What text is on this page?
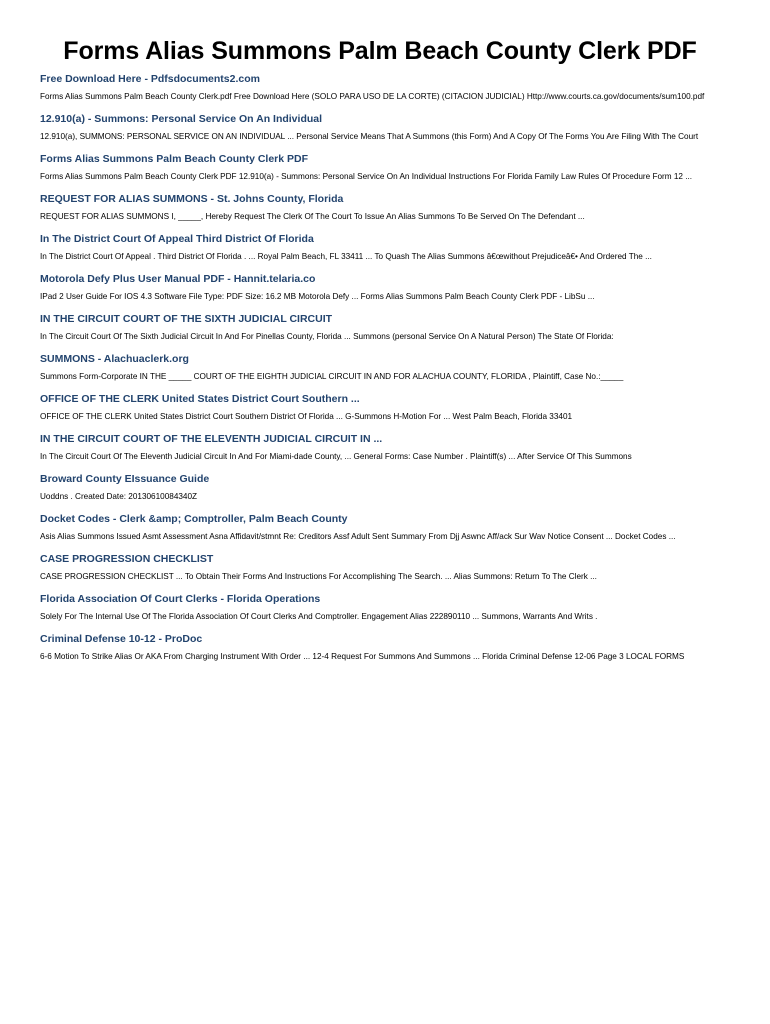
Forms Alias Summons Palm Beach County Clerk PDF
Free Download Here - Pdfsdocuments2.com

Forms Alias Summons Palm Beach County Clerk.pdf Free Download Here (SOLO PARA USO DE LA CORTE) (CITACION JUDICIAL) Http://www.courts.ca.gov/documents/sum100.pdf

12.910(a) - Summons: Personal Service On An Individual

12.910(a), SUMMONS: PERSONAL SERVICE ON AN INDIVIDUAL ... Personal Service Means That A Summons (this Form) And A Copy Of The Forms You Are Filing With The Court

Forms Alias Summons Palm Beach County Clerk PDF

Forms Alias Summons Palm Beach County Clerk PDF 12.910(a) - Summons: Personal Service On An Individual Instructions For Florida Family Law Rules Of Procedure Form 12 ...

REQUEST FOR ALIAS SUMMONS - St. Johns County, Florida

REQUEST FOR ALIAS SUMMONS I, _____, Hereby Request The Clerk Of The Court To Issue An Alias Summons To Be Served On The Defendant ...

In The District Court Of Appeal Third District Of Florida

In The District Court Of Appeal . Third District Of Florida . ... Royal Palm Beach, FL 33411 ... To Quash The Alias Summons â€œwithout Prejudiceâ€• And Ordered The ...

Motorola Defy Plus User Manual PDF - Hannit.telaria.co

IPad 2 User Guide For IOS 4.3 Software File Type: PDF Size: 16.2 MB Motorola Defy ... Forms Alias Summons Palm Beach County Clerk PDF - LibSu ...

IN THE CIRCUIT COURT OF THE SIXTH JUDICIAL CIRCUIT

In The Circuit Court Of The Sixth Judicial Circuit In And For Pinellas County, Florida ... Summons (personal Service On A Natural Person) The State Of Florida:

SUMMONS - Alachuaclerk.org

Summons Form-Corporate IN THE _____ COURT OF THE EIGHTH JUDICIAL CIRCUIT IN AND FOR ALACHUA COUNTY, FLORIDA , Plaintiff, Case No.:_____

OFFICE OF THE CLERK United States District Court Southern ...

OFFICE OF THE CLERK United States District Court Southern District Of Florida ... G-Summons H-Motion For ... West Palm Beach, Florida 33401

IN THE CIRCUIT COURT OF THE ELEVENTH JUDICIAL CIRCUIT IN ...

In The Circuit Court Of The Eleventh Judicial Circuit In And For Miami-dade County, ... General Forms: Case Number . Plaintiff(s) ... After Service Of This Summons

Broward County EIssuance Guide

Uoddns . Created Date: 20130610084340Z

Docket Codes - Clerk &amp; Comptroller, Palm Beach County

Asis Alias Summons Issued Asmt Assessment Asna Affidavit/stmnt Re: Creditors Assf Adult Sent Summary From Djj Aswnc Aff/ack Sur Wav Notice Consent ... Docket Codes ...

CASE PROGRESSION CHECKLIST

CASE PROGRESSION CHECKLIST ... To Obtain Their Forms And Instructions For Accomplishing The Search. ... Alias Summons: Return To The Clerk ...

Florida Association Of Court Clerks - Florida Operations

Solely For The Internal Use Of The Florida Association Of Court Clerks And Comptroller. Engagement Alias 222890110 ... Summons, Warrants And Writs .

Criminal Defense 10-12 - ProDoc

6-6 Motion To Strike Alias Or AKA From Charging Instrument With Order ... 12-4 Request For Summons And Summons ... Florida Criminal Defense 12-06 Page 3 LOCAL FORMS
